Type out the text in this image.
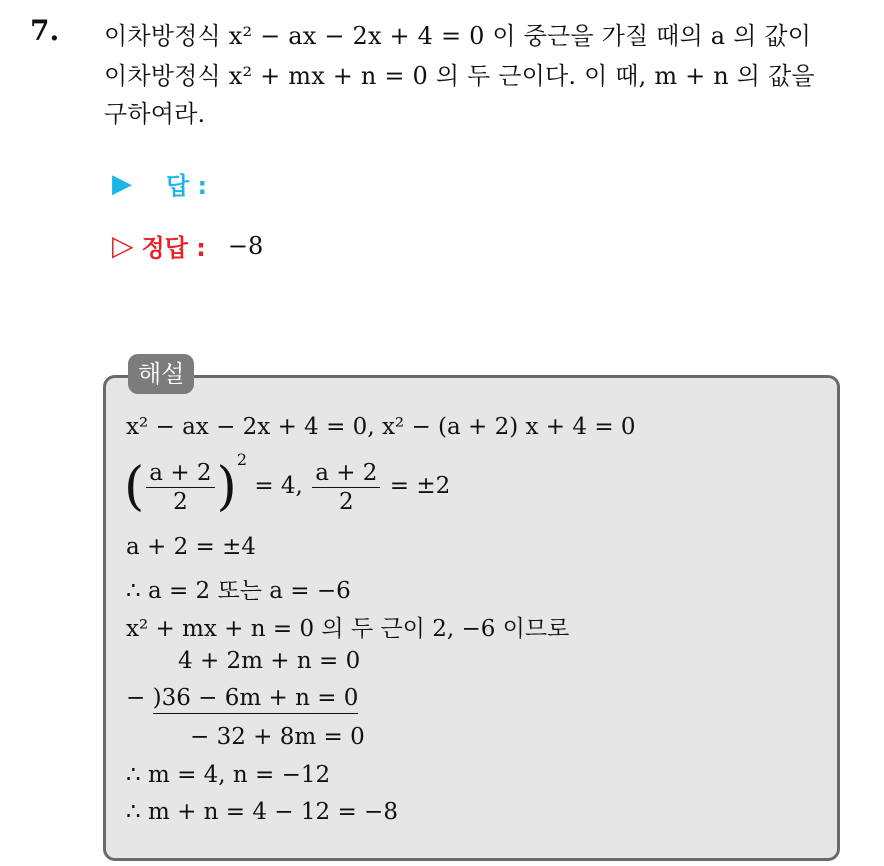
7. 이차방정식 x² − ax − 2x + 4 = 0 이 중근을 가질 때의 a 의 값이
이차방정식 x² + mx + n = 0 의 두 근이다. 이 때, m + n 의 값을
구하여라.
▶ 답 :
▷ 정답 : −8
해설
x² − ax − 2x + 4 = 0, x² − (a + 2) x + 4 = 0
( $\frac{a + 2}{2} )^2 = 4$, $\frac{a + 2}{2} = \pm 2$
a + 2 = ±4
∴ a = 2 또는 a = −6
x² + mx + n = 0 의 두 근이 2, −6 이므로
4 + 2m + n = 0
− )36 − 6m + n = 0
− 32 + 8m = 0
∴ m = 4, n = −12
∴ m + n = 4 − 12 = −8
